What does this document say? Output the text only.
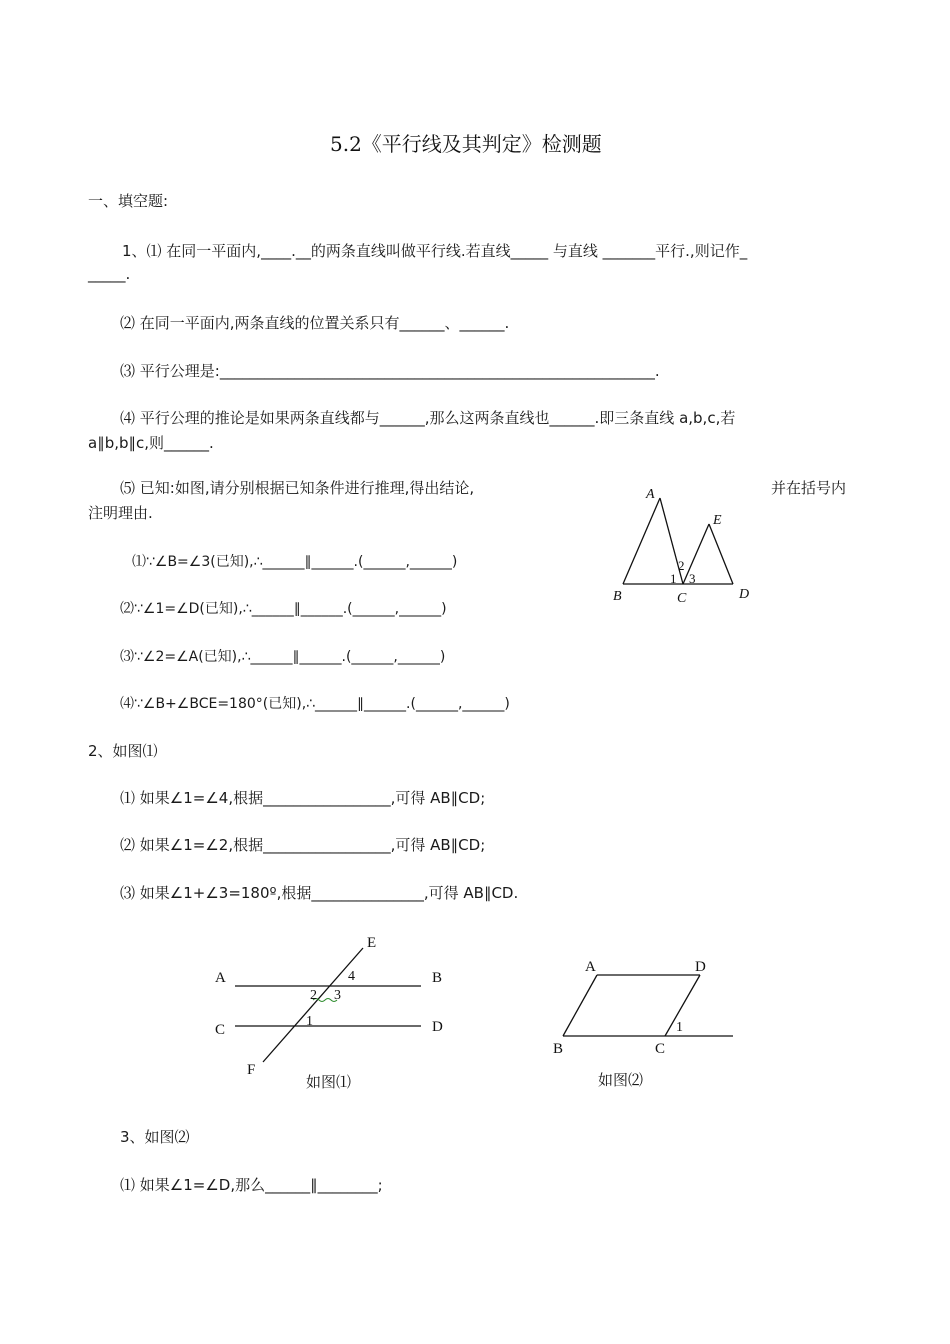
5.2《平行线及其判定》检测题
一、填空题:
1、⑴ 在同一平面内,____.__的两条直线叫做平行线.若直线_____ 与直线 _______平行.,则记作_
_____.
⑵ 在同一平面内,两条直线的位置关系只有______、______.
⑶ 平行公理是:__________________________________________________________.
⑷ 平行公理的推论是如果两条直线都与______,那么这两条直线也______.即三条直线 a,b,c,若
a∥b,b∥c,则______.
⑸ 已知:如图,请分别根据已知条件进行推理,得出结论,	并在括号内
注明理由.
⑴∵∠B=∠3(已知),∴______∥______.(______,______)
⑵∵∠1=∠D(已知),∴______∥______.(______,______)
⑶∵∠2=∠A(已知),∴______∥______.(______,______)
⑷∵∠B+∠BCE=180°(已知),∴______∥______.(______,______)
A
E
B	C	D
2
1 3
2、如图⑴
⑴ 如果∠1=∠4,根据_________________,可得 AB∥CD;
⑵ 如果∠1=∠2,根据_________________,可得 AB∥CD;
⑶ 如果∠1+∠3=180º,根据_______________,可得 AB∥CD.
E
A	B
C	D
F
4
2 3
1
如图⑴
A	D
B	C
1
如图⑵
3、如图⑵
⑴ 如果∠1=∠D,那么______∥________;
